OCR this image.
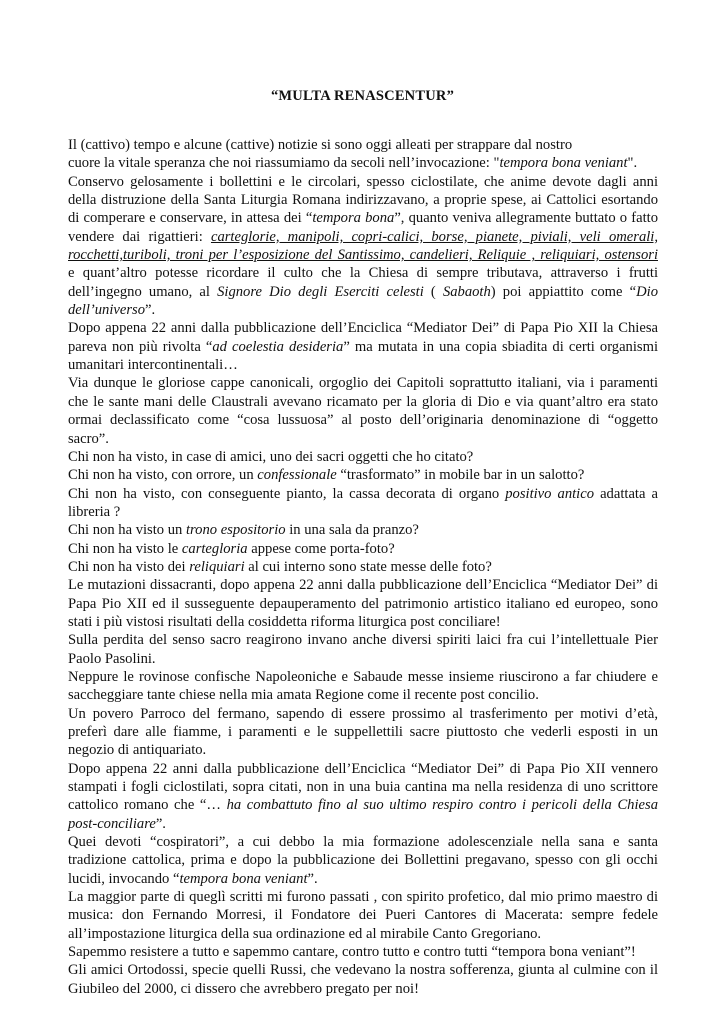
“MULTA RENASCENTUR”
Il (cattivo) tempo e alcune (cattive) notizie si sono oggi alleati per strappare dal nostro
cuore la vitale speranza che noi riassumiamo da secoli nell’invocazione: "tempora bona veniant".
Conservo gelosamente i bollettini e le circolari, spesso ciclostilate, che anime devote dagli anni
della distruzione della Santa Liturgia Romana indirizzavano, a proprie spese, ai Cattolici esortando
di comperare e conservare, in attesa dei “tempora bona”, quanto veniva allegramente buttato o fatto
vendere dai rigattieri: carteglorie, manipoli, copri-calici, borse, pianete, piviali, veli omerali,
rocchetti,turiboli, troni per l’esposizione del Santissimo, candelieri, Reliquie , reliquiari, ostensori
e quant’altro potesse ricordare il culto che la Chiesa di sempre tributava, attraverso i frutti
dell’ingegno umano, al Signore Dio degli Eserciti celesti ( Sabaoth) poi appiattito come “Dio
dell’universo”.
Dopo appena 22 anni dalla pubblicazione dell’Enciclica “Mediator Dei” di Papa Pio XII la Chiesa
pareva non più rivolta “ad coelestia desideria” ma mutata in una copia sbiadita di certi organismi
umanitari intercontinentali…
Via dunque le gloriose cappe canonicali, orgoglio dei Capitoli soprattutto italiani, via i paramenti
che le sante mani delle Claustrali avevano ricamato per la gloria di Dio e via quant’altro era stato
ormai declassificato come “cosa lussuosa” al posto dell’originaria denominazione di “oggetto
sacro”.
Chi non ha visto, in case di amici, uno dei sacri oggetti che ho citato?
Chi non ha visto, con orrore, un confessionale “trasformato” in mobile bar in un salotto?
Chi non ha visto, con conseguente pianto, la cassa decorata di organo positivo antico adattata a
libreria ?
Chi non ha visto un trono espositorio in una sala da pranzo?
Chi non ha visto le cartegloria appese come porta-foto?
Chi non ha visto dei reliquiari al cui interno sono state messe delle foto?
Le mutazioni dissacranti, dopo appena 22 anni dalla pubblicazione dell’Enciclica “Mediator Dei” di
Papa Pio XII ed il susseguente depauperamento del patrimonio artistico italiano ed europeo, sono
stati i più vistosi risultati della cosiddetta riforma liturgica post conciliare!
Sulla perdita del senso sacro reagirono invano anche diversi spiriti laici fra cui l’intellettuale Pier
Paolo Pasolini.
Neppure le rovinose confische Napoleoniche e Sabaude messe insieme riuscirono a far chiudere e
saccheggiare tante chiese nella mia amata Regione come il recente post concilio.
Un povero Parroco del fermano, sapendo di essere prossimo al trasferimento per motivi d’età,
preferì dare alle fiamme, i paramenti e le suppellettili sacre piuttosto che vederli esposti in un
negozio di antiquariato.
Dopo appena 22 anni dalla pubblicazione dell’Enciclica “Mediator Dei” di Papa Pio XII vennero
stampati i fogli ciclostilati, sopra citati, non in una buia cantina ma nella residenza di uno scrittore
cattolico romano che “… ha combattuto fino al suo ultimo respiro contro i pericoli della Chiesa
post-conciliare”.
Quei devoti “cospiratori”, a cui debbo la mia formazione adolescenziale nella sana e santa
tradizione cattolica, prima e dopo la pubblicazione dei Bollettini pregavano, spesso con gli occhi
lucidi, invocando “tempora bona veniant”.
La maggior parte di queglì scritti mi furono passati , con spirito profetico, dal mio primo maestro di
musica: don Fernando Morresi, il Fondatore dei Pueri Cantores di Macerata: sempre fedele
all’impostazione liturgica della sua ordinazione ed al mirabile Canto Gregoriano.
Sapemmo resistere a tutto e sapemmo cantare, contro tutto e contro tutti “tempora bona veniant”!
Gli amici Ortodossi, specie quelli Russi, che vedevano la nostra sofferenza, giunta al culmine con il
Giubileo del 2000, ci dissero che avrebbero pregato per noi!
